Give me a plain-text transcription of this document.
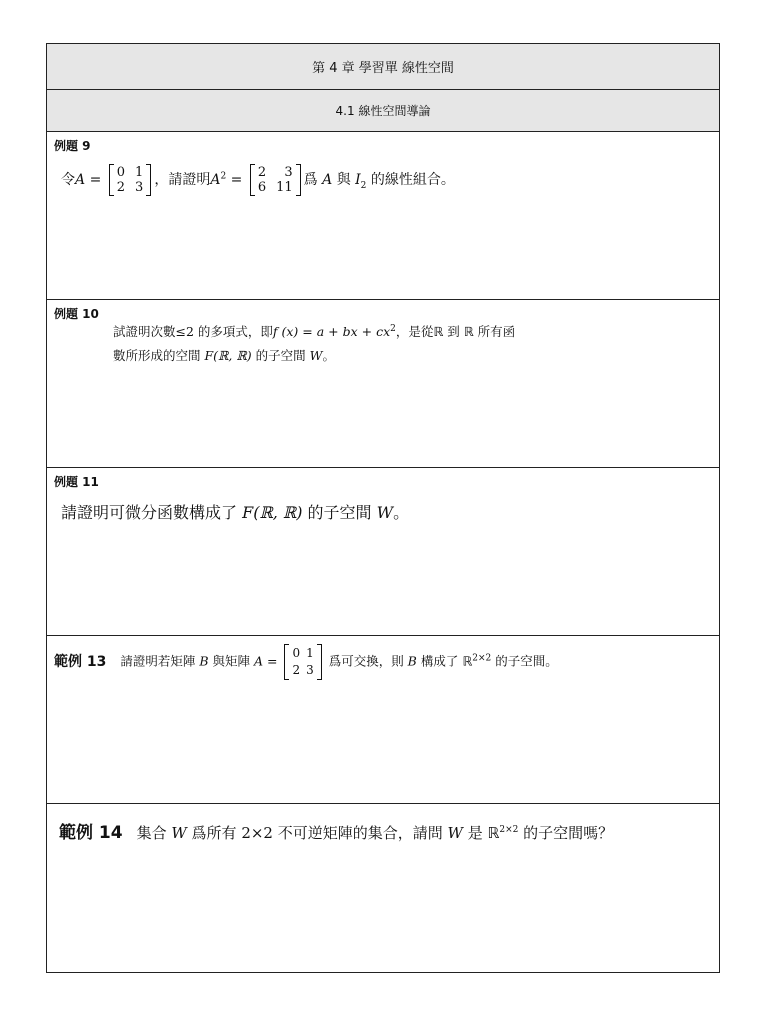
第 4 章 學習單 線性空間
4.1 線性空間導論
例題 9
令A = 0 1
2 3 ，請證明$A^2 = 2$	3
6 11 爲 A 與 $I_2$ 的線性組合。
例題 10
試證明次數≤2 的多項式，即f (x) = a + bx + $cx^2$，是從ℝ 到 ℝ 所有函
數所形成的空間 F(ℝ, ℝ) 的子空間 W。
例題 11
請證明可微分函數構成了 F(ℝ, ℝ) 的子空間 W。
範例 13 請證明若矩陣 B 與矩陣 A =
0 1
2 3
爲可交換，則 B 構成了 ℝ$^{2\times 2}$ 的子空間。
範例 14 集合 W 爲所有 2×2 不可逆矩陣的集合，請問 W 是 ℝ$^{2\times 2}$ 的子空間嗎？
